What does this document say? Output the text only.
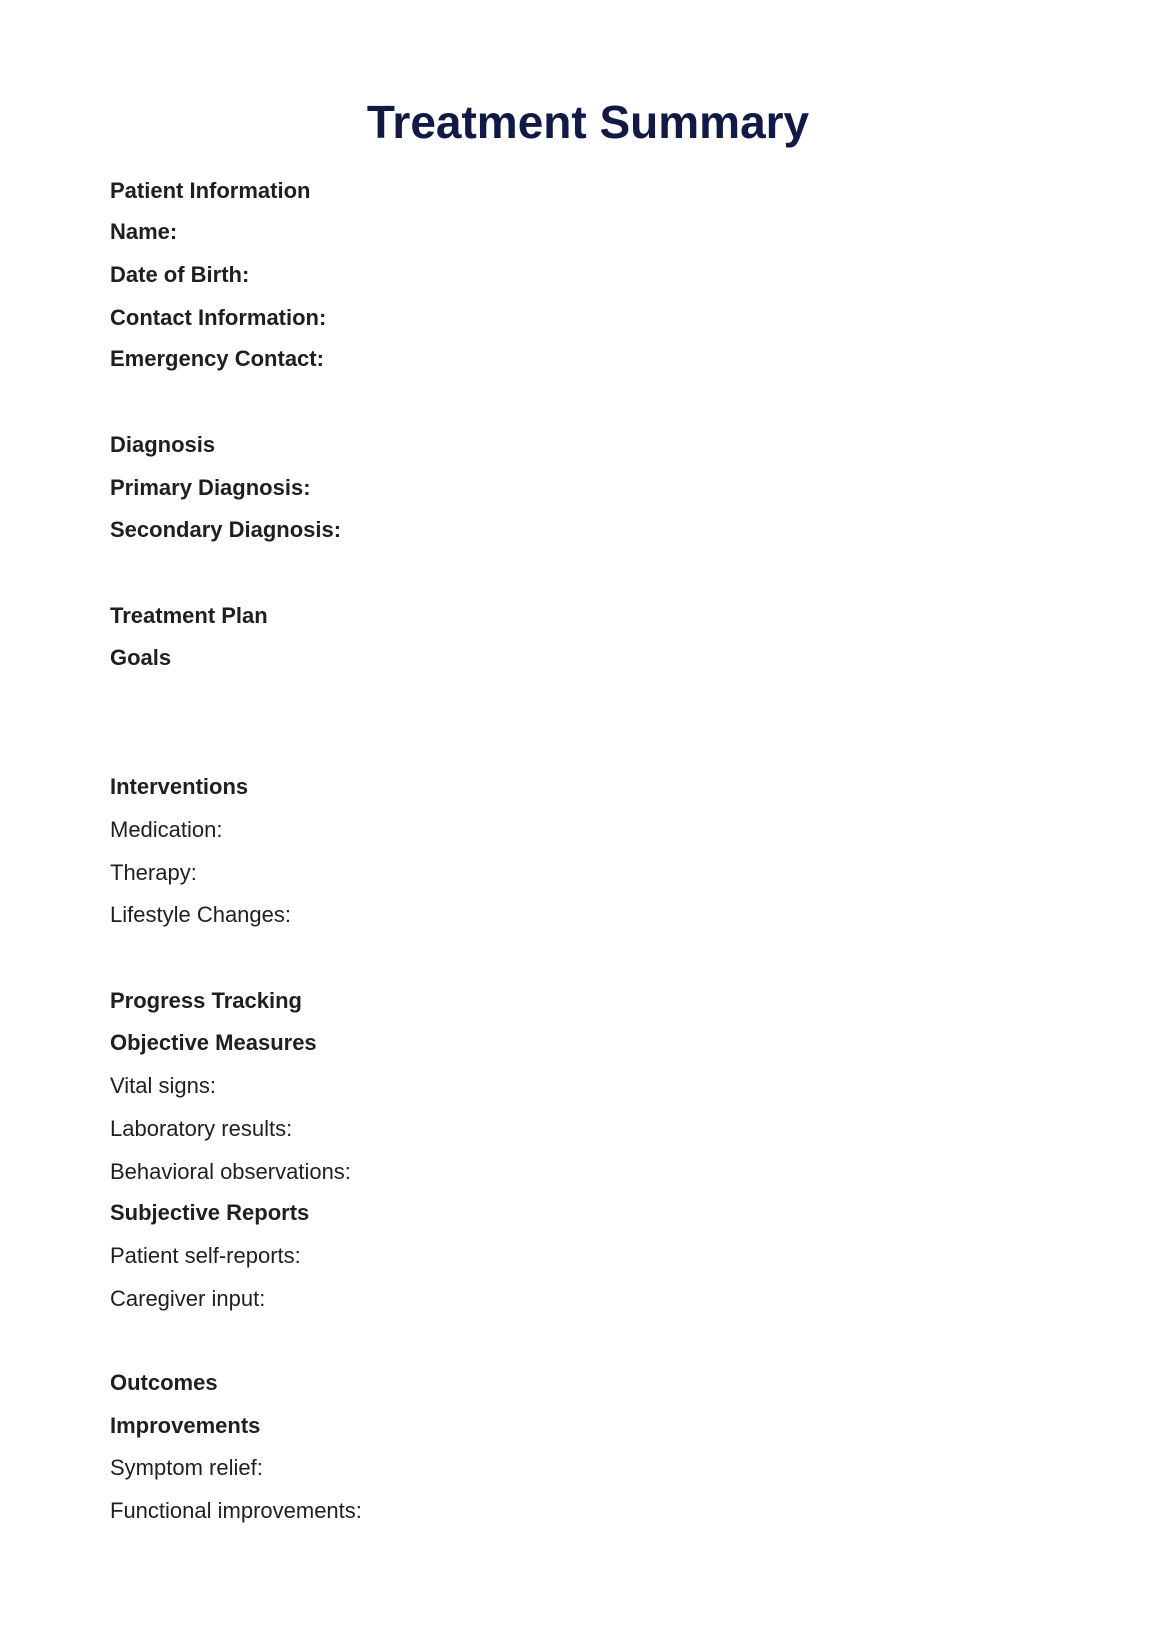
Treatment Summary
Patient Information
Name:
Date of Birth:
Contact Information:
Emergency Contact:
Diagnosis
Primary Diagnosis:
Secondary Diagnosis:
Treatment Plan
Goals
Interventions
Medication:
Therapy:
Lifestyle Changes:
Progress Tracking
Objective Measures
Vital signs:
Laboratory results:
Behavioral observations:
Subjective Reports
Patient self-reports:
Caregiver input:
Outcomes
Improvements
Symptom relief:
Functional improvements:
